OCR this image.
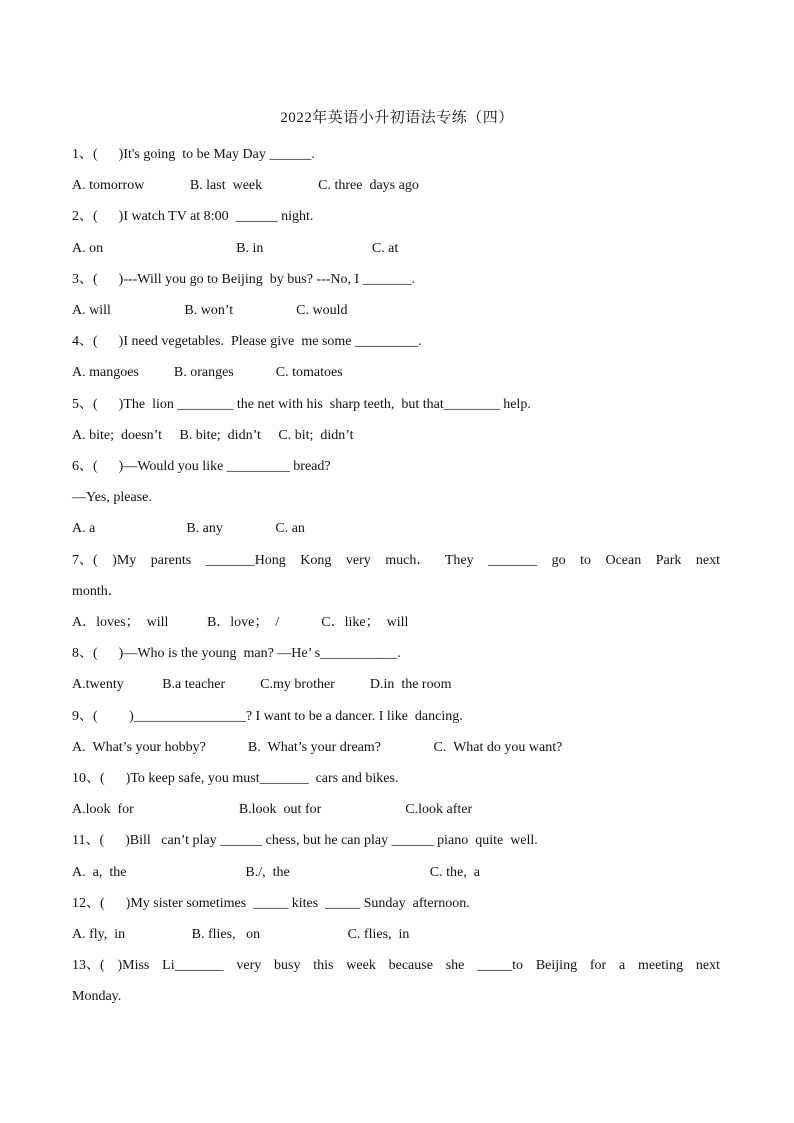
2022年英语小升初语法专练（四）
1、(      )It's going  to be May Day ______.
A. tomorrow             B. last  week                C. three  days ago
2、(      )I watch TV at 8:00  ______ night.
A. on                                      B. in                               C. at
3、(      )---Will you go to Beijing  by bus? ---No, I _______.
A. will                     B. won’t                  C. would
4、(      )I need vegetables.  Please give  me some _________.
A. mangoes          B. oranges            C. tomatoes
5、(      )The  lion ________ the net with his  sharp teeth,  but that________ help.
A. bite;  doesn’t     B. bite;  didn’t     C. bit;  didn’t
6、(      )—Would you like _________ bread?
—Yes, please.
A. a                          B. any               C. an
7、( )My parents _______Hong Kong very much． They _______ go to Ocean Park next
month．
A．loves；  will           B．love；  /            C．like；  will
8、(      )—Who is the young  man? —He’ s___________.
A.twenty           B.a teacher          C.my brother          D.in  the room
9、(         )________________? I want to be a dancer. I like  dancing.
A.  What’s your hobby?            B.  What’s your dream?               C.  What do you want?
10、(      )To keep safe, you must_______  cars and bikes.
A.look  for                              B.look  out for                        C.look after
11、(      )Bill   can’t play ______ chess, but he can play ______ piano  quite  well.
A.  a,  the                                  B./,  the                                        C. the,  a
12、(      )My sister sometimes  _____ kites  _____ Sunday  afternoon.
A. fly,  in                   B. flies,   on                         C. flies,  in
13、( )Miss Li_______ very busy this week because she _____to Beijing for a meeting next
Monday.
